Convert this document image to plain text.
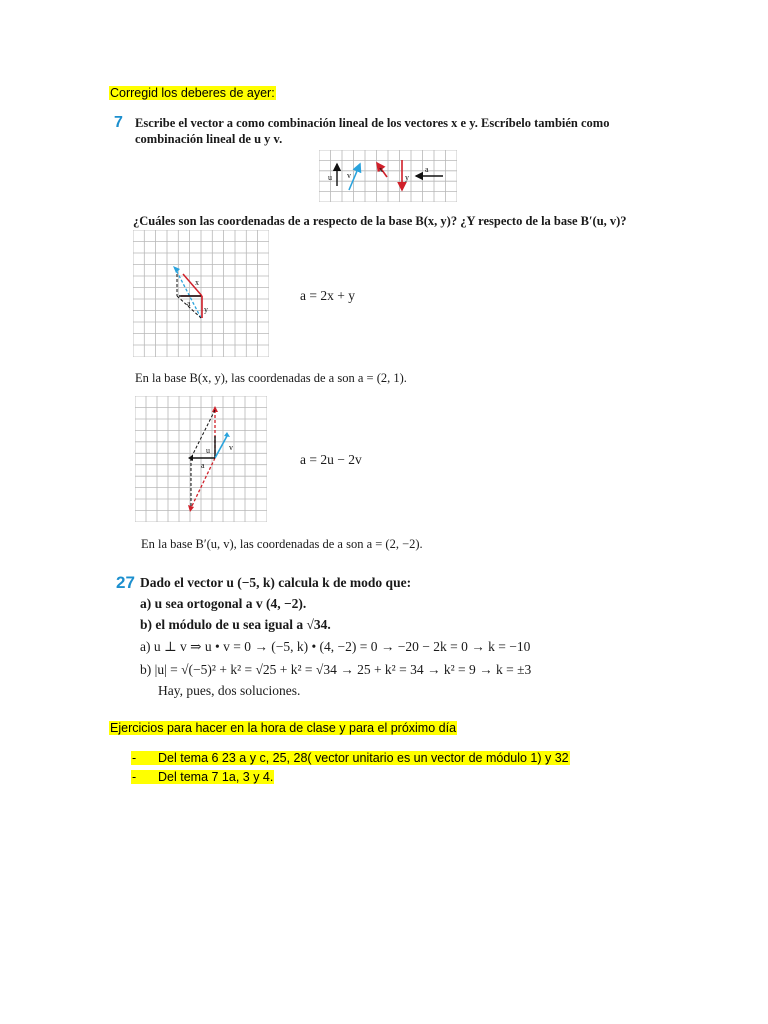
Corregid los deberes de ayer:
7 Escribe el vector a como combinación lineal de los vectores x e y. Escríbelo también como
combinación lineal de u y v.
u v
x
y
a
¿Cuáles son las coordenadas de a respecto de la base B(x, y)? ¿Y respecto de la base B′(u, v)?
x
a
y
a = 2x + y
En la base B(x, y), las coordenadas de a son a = (2, 1).
u v
a	a = 2u − 2v
En la base B′(u, v), las coordenadas de a son a = (2, −2).
27 Dado el vector u (−5, k) calcula k de modo que:
a) u sea ortogonal a v (4, −2).
b) el módulo de u sea igual a √34.
a) u ⊥ v ⇒ u • v = 0 → (−5, k) • (4, −2) = 0 → −20 − 2k = 0 → k = −10
b) |u| = √(−5)² + k² = √25 + k² = √34 → 25 + k² = 34 → k² = 9 → k = ±3
Hay, pues, dos soluciones.
Ejercicios para hacer en la hora de clase y para el próximo día
- Del tema 6 23 a y c, 25, 28( vector unitario es un vector de módulo 1) y 32
- Del tema 7 1a, 3 y 4.
